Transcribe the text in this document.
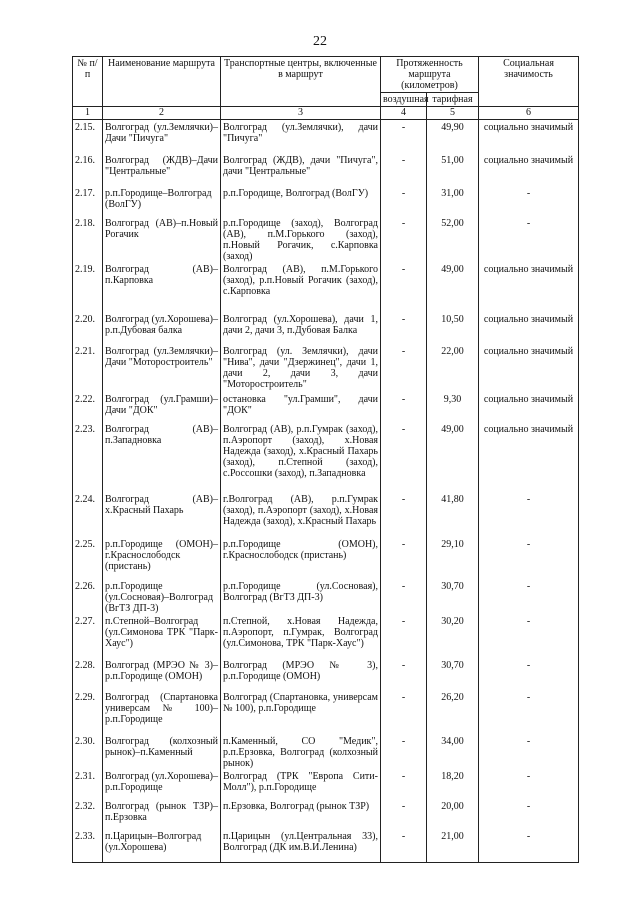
22
№ п/п	Наименование маршрута	Транспортные центры, включенные в маршрут	Протяженность маршрута (километров)		Социальная значимость
			воздушная	тарифная	
1	2	3	4	5	6
2.15.	Волгоград (ул.Землячки)–Дачи "Пичуга"	Волгоград (ул.Землячки), дачи "Пичуга"	-	49,90	социально значимый
2.16.	Волгоград (ЖДВ)–Дачи "Центральные"	Волгоград (ЖДВ), дачи "Пичуга", дачи "Центральные"	-	51,00	социально значимый
2.17.	р.п.Городище–Волгоград (ВолГУ)	р.п.Городище, Волгоград (ВолГУ)	-	31,00	-
2.18.	Волгоград (АВ)–п.Новый Рогачик	р.п.Городище (заход), Волгоград (АВ), п.М.Горького (заход), п.Новый Рогачик, с.Карповка (заход)	-	52,00	-
2.19.	Волгоград (АВ)–п.Карповка	Волгоград (АВ), п.М.Горького (заход), р.п.Новый Рогачик (заход), с.Карповка	-	49,00	социально значимый
2.20.	Волгоград (ул.Хорошева)–р.п.Дубовая балка	Волгоград (ул.Хорошева), дачи 1, дачи 2, дачи 3, п.Дубовая Балка	-	10,50	социально значимый
2.21.	Волгоград (ул.Землячки)–Дачи "Моторостроитель"	Волгоград (ул. Землячки), дачи "Нива", дачи "Дзержинец", дачи 1, дачи 2, дачи 3, дачи "Моторостроитель"	-	22,00	социально значимый
2.22.	Волгоград (ул.Грамши)–Дачи "ДОК"	остановка "ул.Грамши", дачи "ДОК"	-	9,30	социально значимый
2.23.	Волгоград (АВ)–п.Западновка	Волгоград (АВ), р.п.Гумрак (заход), п.Аэропорт (заход), х.Новая Надежда (заход), х.Красный Пахарь (заход), п.Степной (заход), с.Россошки (заход), п.Западновка	-	49,00	социально значимый
2.24.	Волгоград (АВ)–х.Красный Пахарь	г.Волгоград (АВ), р.п.Гумрак (заход), п.Аэропорт (заход), х.Новая Надежда (заход), х.Красный Пахарь	-	41,80	-
2.25.	р.п.Городище (ОМОН)–г.Краснослободск (пристань)	р.п.Городище (ОМОН), г.Краснослободск (пристань)	-	29,10	-
2.26.	р.п.Городище (ул.Сосновая)–Волгоград (ВгТЗ ДП-3)	р.п.Городище (ул.Сосновая), Волгоград (ВгТЗ ДП-3)	-	30,70	-
2.27.	п.Степной–Волгоград (ул.Симонова ТРК "Парк-Хаус")	п.Степной, х.Новая Надежда, п.Аэропорт, п.Гумрак, Волгоград (ул.Симонова, ТРК "Парк-Хаус")	-	30,20	-
2.28.	Волгоград (МРЭО № 3)–р.п.Городище (ОМОН)	Волгоград (МРЭО № 3), р.п.Городище (ОМОН)	-	30,70	-
2.29.	Волгоград (Спартановка универсам № 100)–р.п.Городище	Волгоград (Спартановка, универсам № 100), р.п.Городище	-	26,20	-
2.30.	Волгоград (колхозный рынок)–п.Каменный	п.Каменный, СО "Медик", р.п.Ерзовка, Волгоград (колхозный рынок)	-	34,00	-
2.31.	Волгоград (ул.Хорошева)–р.п.Городище	Волгоград (ТРК "Европа Сити-Молл"), р.п.Городище	-	18,20	-
2.32.	Волгоград (рынок ТЗР)–п.Ерзовка	п.Ерзовка, Волгоград (рынок ТЗР)	-	20,00	-
2.33.	п.Царицын–Волгоград (ул.Хорошева)	п.Царицын (ул.Центральная 33), Волгоград (ДК им.В.И.Ленина)	-	21,00	-
